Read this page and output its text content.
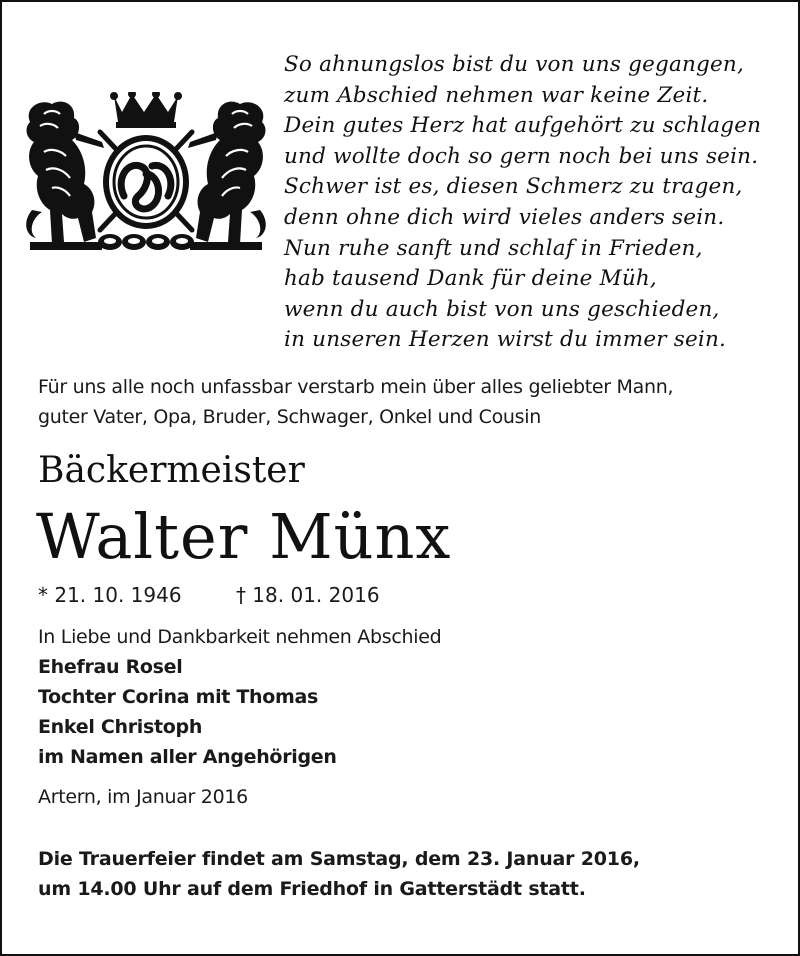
So ahnungslos bist du von uns gegangen,
zum Abschied nehmen war keine Zeit.
Dein gutes Herz hat aufgehört zu schlagen
und wollte doch so gern noch bei uns sein.
Schwer ist es, diesen Schmerz zu tragen,
denn ohne dich wird vieles anders sein.
Nun ruhe sanft und schlaf in Frieden,
hab tausend Dank für deine Müh,
wenn du auch bist von uns geschieden,
in unseren Herzen wirst du immer sein.
Für uns alle noch unfassbar verstarb mein über alles geliebter Mann,
guter Vater, Opa, Bruder, Schwager, Onkel und Cousin
Bäckermeister
Walter Münx
* 21. 10. 1946	† 18. 01. 2016
In Liebe und Dankbarkeit nehmen Abschied
Ehefrau Rosel
Tochter Corina mit Thomas
Enkel Christoph
im Namen aller Angehörigen
Artern, im Januar 2016
Die Trauerfeier findet am Samstag, dem 23. Januar 2016,
um 14.00 Uhr auf dem Friedhof in Gatterstädt statt.
